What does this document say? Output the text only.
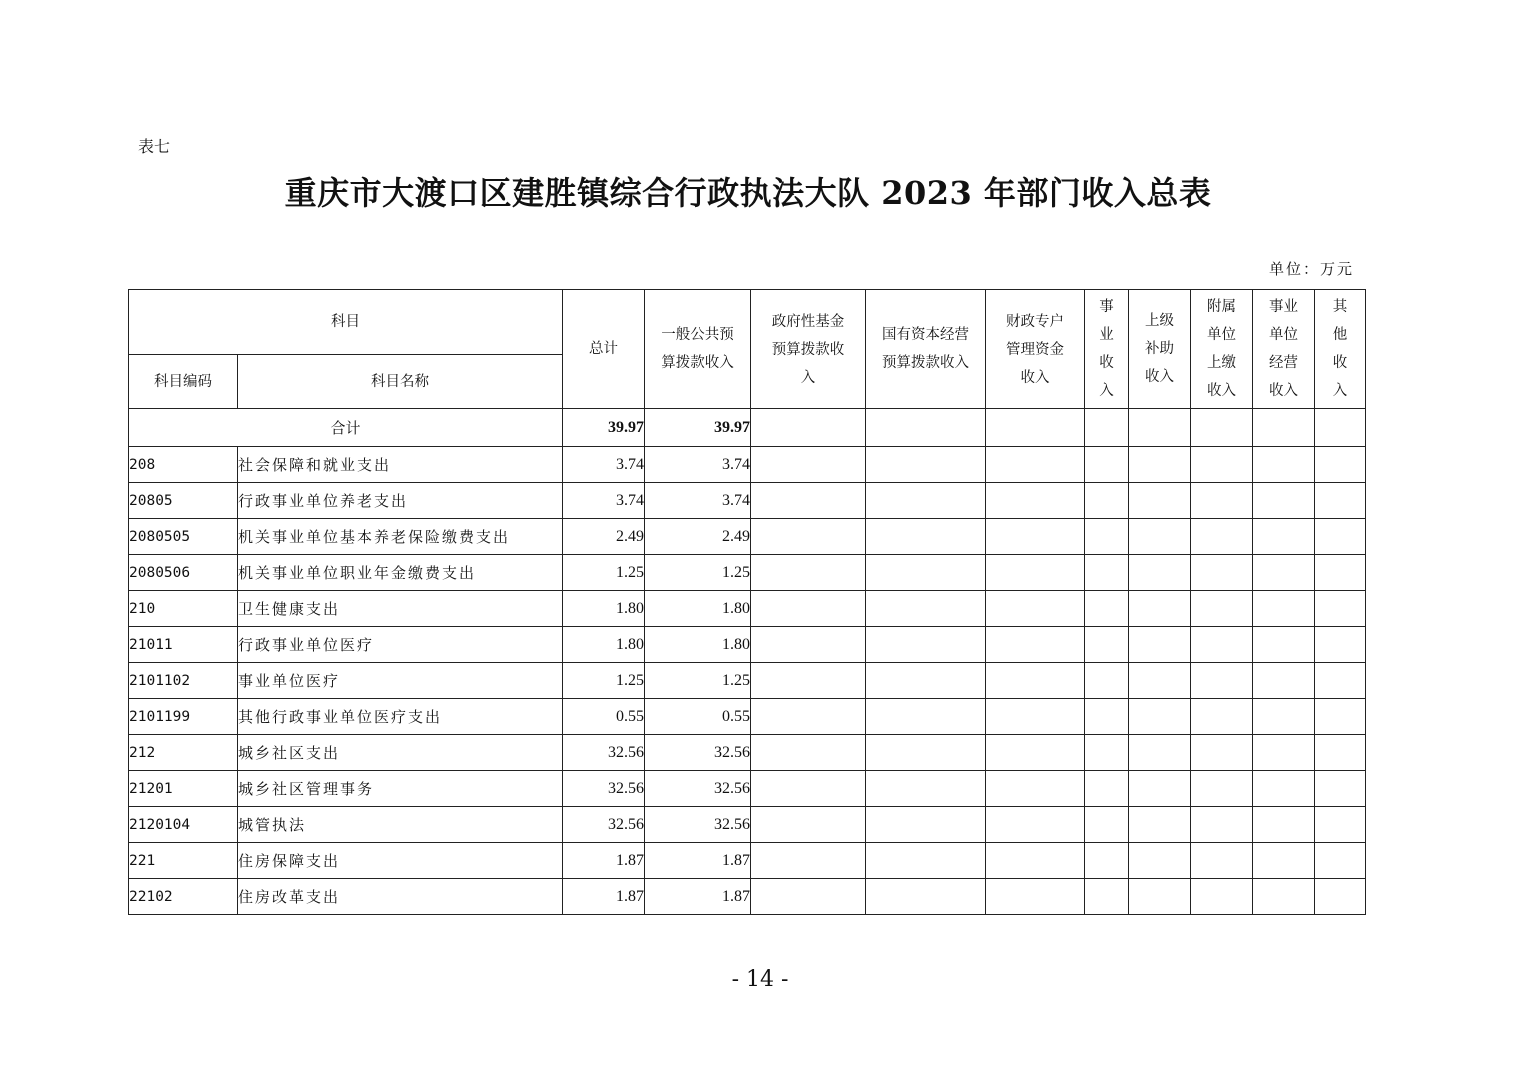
表七
重庆市大渡口区建胜镇综合行政执法大队 2023 年部门收入总表
单位：万元
科目		总计	一般公共预算拨款收入	政府性基金预算拨款收入	国有资本经营预算拨款收入	财政专户管理资金收入	事业收入	上级补助收入	附属单位上缴收入	事业单位经营收入	其他收入
科目编码	科目名称										
合计		39.97	39.97								
208	社会保障和就业支出	3.74	3.74								
20805	行政事业单位养老支出	3.74	3.74								
2080505	机关事业单位基本养老保险缴费支出	2.49	2.49								
2080506	机关事业单位职业年金缴费支出	1.25	1.25								
210	卫生健康支出	1.80	1.80								
21011	行政事业单位医疗	1.80	1.80								
2101102	事业单位医疗	1.25	1.25								
2101199	其他行政事业单位医疗支出	0.55	0.55								
212	城乡社区支出	32.56	32.56								
21201	城乡社区管理事务	32.56	32.56								
2120104	城管执法	32.56	32.56								
221	住房保障支出	1.87	1.87								
22102	住房改革支出	1.87	1.87								
- 14 -
